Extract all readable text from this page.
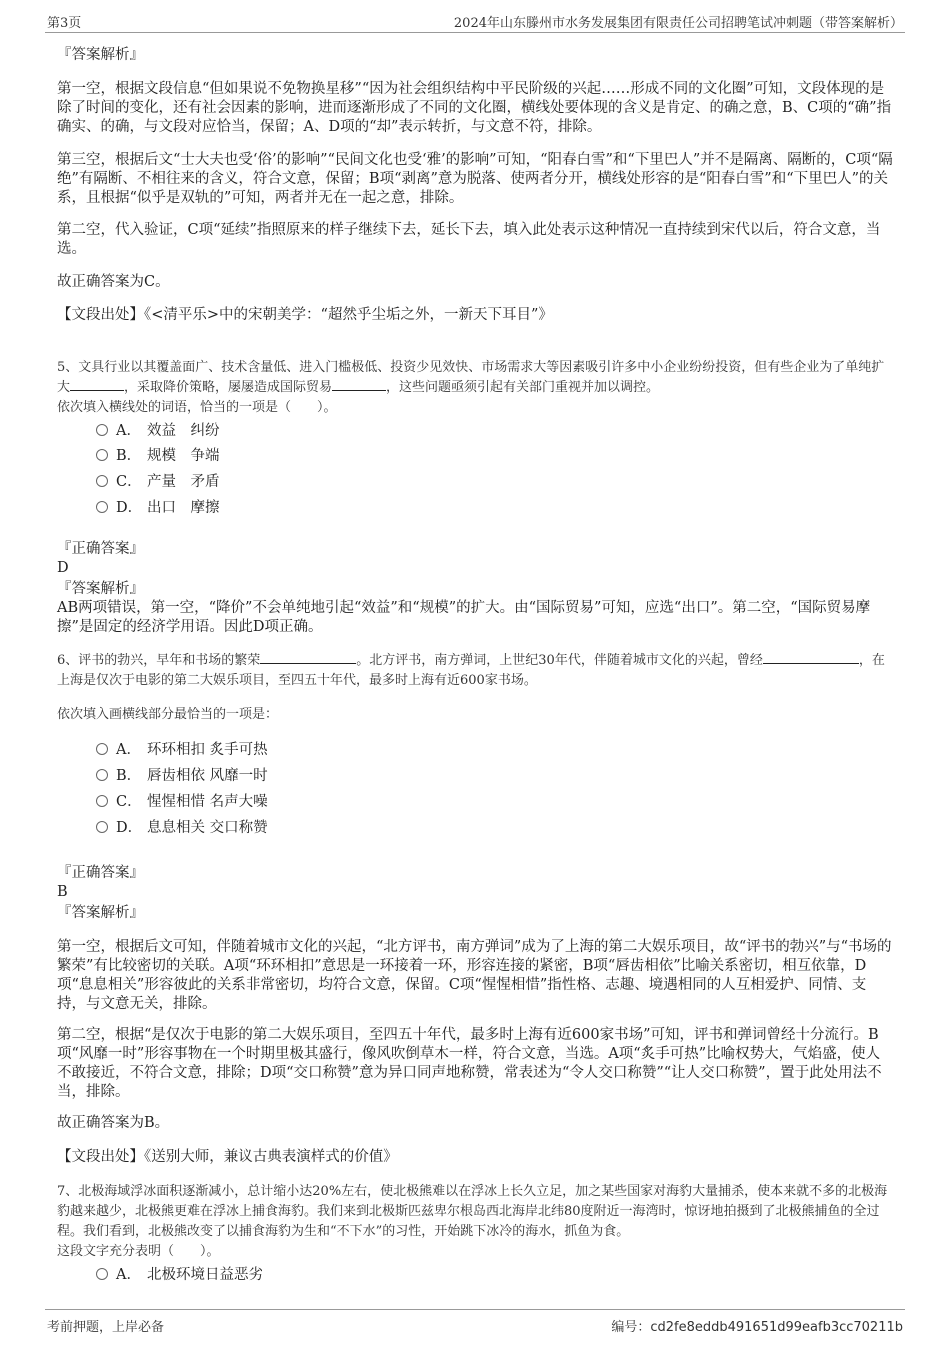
第3页	2024年山东滕州市水务发展集团有限责任公司招聘笔试冲刺题（带答案解析）
『答案解析』
第一空，根据文段信息“但如果说不免物换星移”“因为社会组织结构中平民阶级的兴起……形成不同的文化圈”可知，文段体现的是除了时间的变化，还有社会因素的影响，进而逐渐形成了不同的文化圈，横线处要体现的含义是肯定、的确之意，B、C项的“确”指确实、的确，与文段对应恰当，保留；A、D项的“却”表示转折，与文意不符，排除。
第三空，根据后文“士大夫也受‘俗’的影响”“民间文化也受‘雅’的影响”可知，“阳春白雪”和“下里巴人”并不是隔离、隔断的，C项“隔绝”有隔断、不相往来的含义，符合文意，保留；B项“剥离”意为脱落、使两者分开，横线处形容的是“阳春白雪”和“下里巴人”的关系，且根据“似乎是双轨的”可知，两者并无在一起之意，排除。
第二空，代入验证，C项“延续”指照原来的样子继续下去，延长下去，填入此处表示这种情况一直持续到宋代以后，符合文意，当选。
故正确答案为C。
【文段出处】《<清平乐>中的宋朝美学：“超然乎尘垢之外，一新天下耳目”》
5、文具行业以其覆盖面广、技术含量低、进入门槛极低、投资少见效快、市场需求大等因素吸引许多中小企业纷纷投资，但有些企业为了单纯扩大	，采取降价策略，屡屡造成国际贸易	，这些问题亟须引起有关部门重视并加以调控。
依次填入横线处的词语，恰当的一项是（　　）。
A． 效益　纠纷
B． 规模　争端
C． 产量　矛盾
D． 出口　摩擦
『正确答案』
D
『答案解析』
AB两项错误，第一空，“降价”不会单纯地引起“效益”和“规模”的扩大。由“国际贸易”可知，应选“出口”。第二空，“国际贸易摩擦”是固定的经济学用语。因此D项正确。
6、评书的勃兴，早年和书场的繁荣	。北方评书，南方弹词，上世纪30年代，伴随着城市文化的兴起，曾经	，在上海是仅次于电影的第二大娱乐项目，至四五十年代，最多时上海有近600家书场。
依次填入画横线部分最恰当的一项是：
A． 环环相扣 炙手可热
B． 唇齿相依 风靡一时
C． 惺惺相惜 名声大噪
D． 息息相关 交口称赞
『正确答案』
B
『答案解析』
第一空，根据后文可知，伴随着城市文化的兴起，“北方评书，南方弹词”成为了上海的第二大娱乐项目，故“评书的勃兴”与“书场的繁荣”有比较密切的关联。A项“环环相扣”意思是一环接着一环，形容连接的紧密，B项“唇齿相依”比喻关系密切，相互依靠，D项“息息相关”形容彼此的关系非常密切，均符合文意，保留。C项“惺惺相惜”指性格、志趣、境遇相同的人互相爱护、同情、支持，与文意无关，排除。
第二空，根据“是仅次于电影的第二大娱乐项目，至四五十年代，最多时上海有近600家书场”可知，评书和弹词曾经十分流行。B项“风靡一时”形容事物在一个时期里极其盛行，像风吹倒草木一样，符合文意，当选。A项“炙手可热”比喻权势大，气焰盛，使人不敢接近，不符合文意，排除；D项“交口称赞”意为异口同声地称赞，常表述为“令人交口称赞”“让人交口称赞”，置于此处用法不当，排除。
故正确答案为B。
【文段出处】《送别大师，兼议古典表演样式的价值》
7、北极海域浮冰面积逐渐减小，总计缩小达20%左右，使北极熊难以在浮冰上长久立足，加之某些国家对海豹大量捕杀，使本来就不多的北极海豹越来越少，北极熊更难在浮冰上捕食海豹。我们来到北极斯匹兹卑尔根岛西北海岸北纬80度附近一海湾时，惊讶地拍摄到了北极熊捕鱼的全过程。我们看到，北极熊改变了以捕食海豹为生和“不下水”的习性，开始跳下冰冷的海水，抓鱼为食。
这段文字充分表明（　　）。
A． 北极环境日益恶劣
考前押题，上岸必备	编号：cd2fe8eddb491651d99eafb3cc70211b
